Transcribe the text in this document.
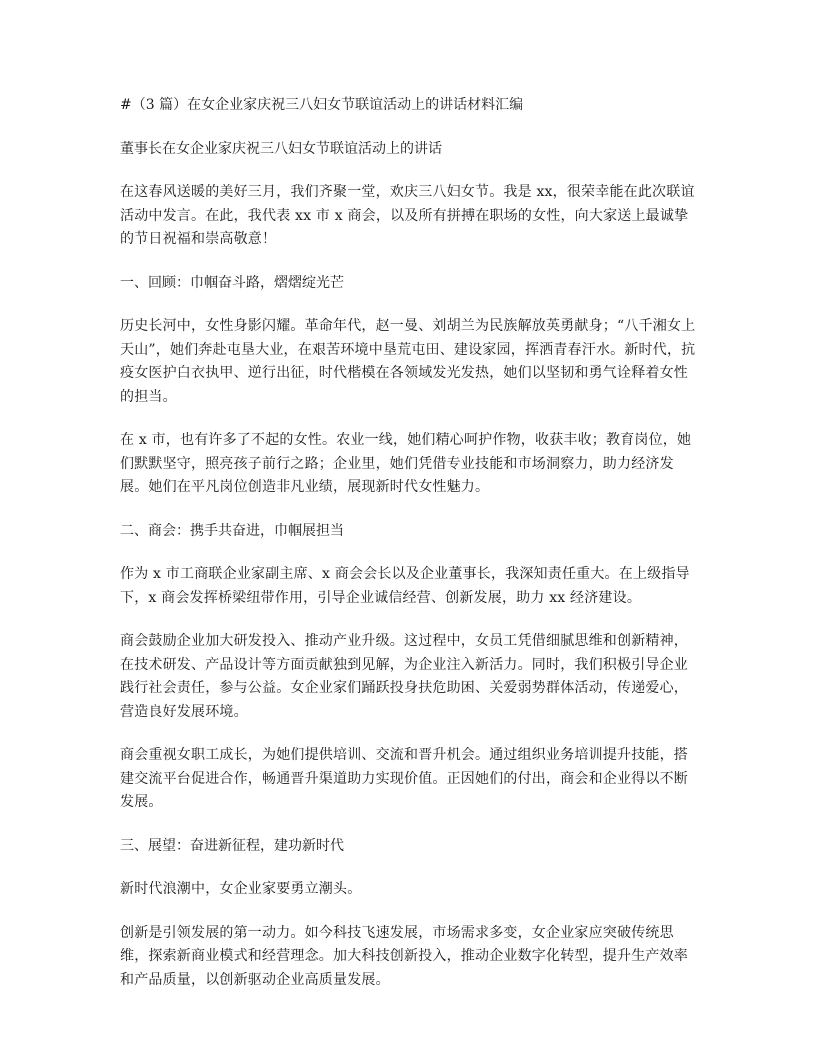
#（3 篇）在女企业家庆祝三八妇女节联谊活动上的讲话材料汇编

董事长在女企业家庆祝三八妇女节联谊活动上的讲话

在这春风送暖的美好三月，我们齐聚一堂，欢庆三八妇女节。我是 xx，很荣幸能在此次联谊活动中发言。在此，我代表 xx 市 x 商会，以及所有拼搏在职场的女性，向大家送上最诚挚的节日祝福和崇高敬意！

一、回顾：巾帼奋斗路，熠熠绽光芒

历史长河中，女性身影闪耀。革命年代，赵一曼、刘胡兰为民族解放英勇献身；“八千湘女上天山”，她们奔赴屯垦大业，在艰苦环境中垦荒屯田、建设家园，挥洒青春汗水。新时代，抗疫女医护白衣执甲、逆行出征，时代楷模在各领域发光发热，她们以坚韧和勇气诠释着女性的担当。

在 x 市，也有许多了不起的女性。农业一线，她们精心呵护作物，收获丰收；教育岗位，她们默默坚守，照亮孩子前行之路；企业里，她们凭借专业技能和市场洞察力，助力经济发展。她们在平凡岗位创造非凡业绩，展现新时代女性魅力。

二、商会：携手共奋进，巾帼展担当

作为 x 市工商联企业家副主席、x 商会会长以及企业董事长，我深知责任重大。在上级指导下，x 商会发挥桥梁纽带作用，引导企业诚信经营、创新发展，助力 xx 经济建设。

商会鼓励企业加大研发投入、推动产业升级。这过程中，女员工凭借细腻思维和创新精神，在技术研发、产品设计等方面贡献独到见解，为企业注入新活力。同时，我们积极引导企业践行社会责任，参与公益。女企业家们踊跃投身扶危助困、关爱弱势群体活动，传递爱心，营造良好发展环境。

商会重视女职工成长，为她们提供培训、交流和晋升机会。通过组织业务培训提升技能，搭建交流平台促进合作，畅通晋升渠道助力实现价值。正因她们的付出，商会和企业得以不断发展。

三、展望：奋进新征程，建功新时代

新时代浪潮中，女企业家要勇立潮头。

创新是引领发展的第一动力。如今科技飞速发展，市场需求多变，女企业家应突破传统思维，探索新商业模式和经营理念。加大科技创新投入，推动企业数字化转型，提升生产效率和产品质量，以创新驱动企业高质量发展。
